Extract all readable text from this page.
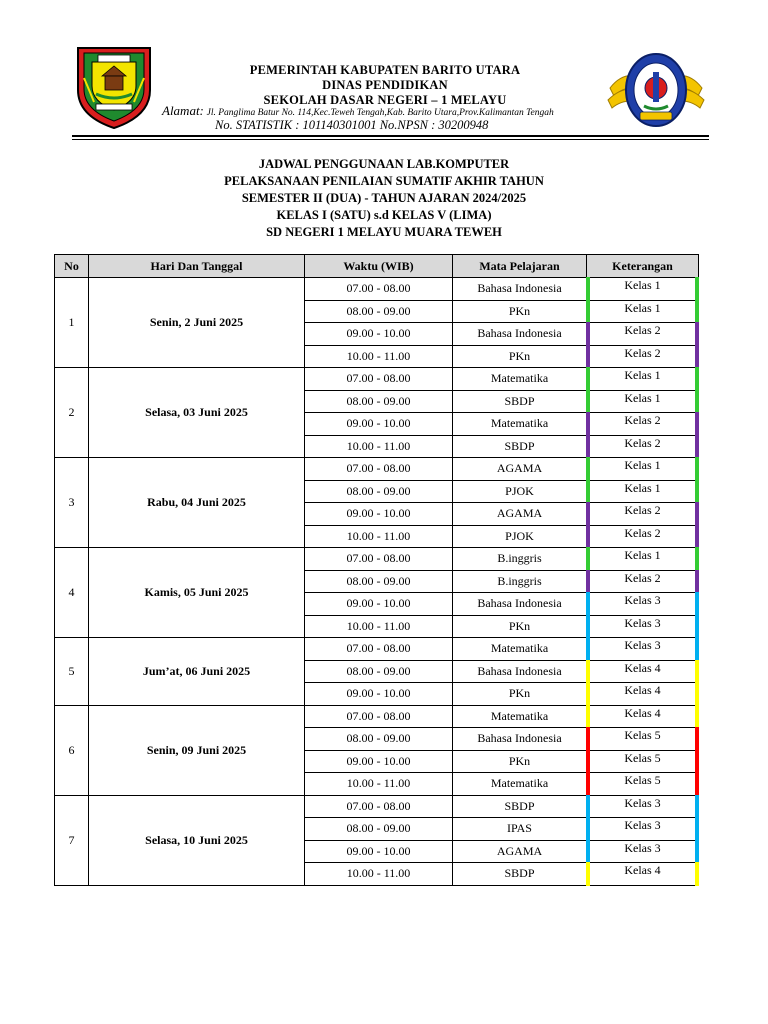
PEMERINTAH KABUPATEN BARITO UTARA
DINAS PENDIDIKAN
SEKOLAH DASAR NEGERI – 1 MELAYU
Alamat: Jl. Panglima Batur No. 114,Kec.Teweh Tengah,Kab. Barito Utara,Prov.Kalimantan Tengah
No. STATISTIK : 101140301001 No.NPSN : 30200948
JADWAL PENGGUNAAN LAB.KOMPUTER
PELAKSANAAN PENILAIAN SUMATIF AKHIR TAHUN
SEMESTER II (DUA) - TAHUN AJARAN 2024/2025
KELAS I (SATU) s.d KELAS V (LIMA)
SD NEGERI 1 MELAYU MUARA TEWEH
No	Hari Dan Tanggal	Waktu (WIB)	Mata Pelajaran	Keterangan
1	Senin, 2 Juni 2025	07.00 - 08.00	Bahasa Indonesia	Kelas 1

		08.00 - 09.00	PKn	Kelas 1

		09.00 - 10.00	Bahasa Indonesia	Kelas 2

		10.00 - 11.00	PKn	Kelas 2

2	Selasa, 03 Juni 2025	07.00 - 08.00	Matematika	Kelas 1

		08.00 - 09.00	SBDP	Kelas 1

		09.00 - 10.00	Matematika	Kelas 2

		10.00 - 11.00	SBDP	Kelas 2

3	Rabu, 04 Juni 2025	07.00 - 08.00	AGAMA	Kelas 1

		08.00 - 09.00	PJOK	Kelas 1

		09.00 - 10.00	AGAMA	Kelas 2

		10.00 - 11.00	PJOK	Kelas 2

4	Kamis, 05 Juni 2025	07.00 - 08.00	B.inggris	Kelas 1

		08.00 - 09.00	B.inggris	Kelas 2

		09.00 - 10.00	Bahasa Indonesia	Kelas 3

		10.00 - 11.00	PKn	Kelas 3

5	Jum’at, 06 Juni 2025	07.00 - 08.00	Matematika	Kelas 3

		08.00 - 09.00	Bahasa Indonesia	Kelas 4

		09.00 - 10.00	PKn	Kelas 4

6	Senin, 09 Juni 2025	07.00 - 08.00	Matematika	Kelas 4

		08.00 - 09.00	Bahasa Indonesia	Kelas 5

		09.00 - 10.00	PKn	Kelas 5

		10.00 - 11.00	Matematika	Kelas 5

7	Selasa, 10 Juni 2025	07.00 - 08.00	SBDP	Kelas 3

		08.00 - 09.00	IPAS	Kelas 3

		09.00 - 10.00	AGAMA	Kelas 3

		10.00 - 11.00	SBDP	Kelas 4
